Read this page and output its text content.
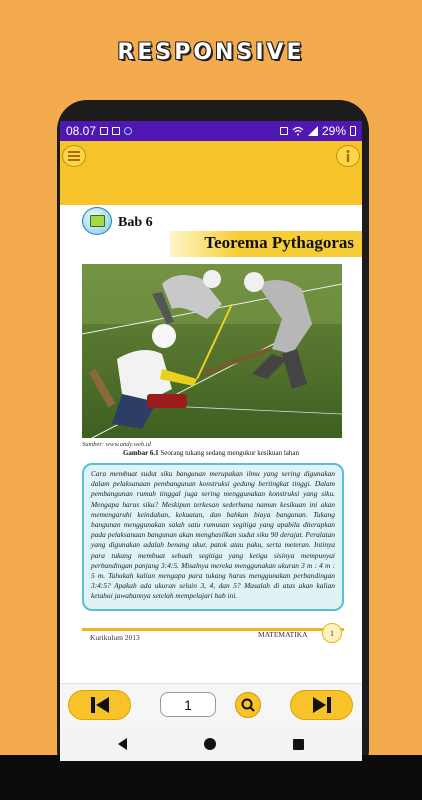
RESPONSIVE
08.07	29%
Bab 6
Teorema Pythagoras
Sumber: www.andy.web.id
Gambar 6.1 Seorang tukang sedang mengukur kesikuan lahan

Cara membuat sudut siku bangunan merupakan ilmu yang sering digunakan dalam pelaksanaan pembangunan konstruksi gedung bertingkat tinggi. Dalam pembangunan rumah tinggal juga sering menggunakan konstruksi yang siku. Mengapa harus siku? Meskipun terkesan sederhana namun kesikuan ini akan memengaruhi keindahan, kekuatan, dan bahkan biaya bangunan. Tukang bangunan menggunakan salah satu rumusan segitiga yang apabila diterapkan pada pelaksanaan bangunan akan menghasilkan sudut siku 90 derajat. Peralatan yang digunakan adalah benang ukur, patok atau paku, serta meteran. Intinya para tukang membuat sebuah segitiga yang ketiga sisinya mempunyai perbandingan panjang 3:4:5. Misalnya mereka menggunakan ukuran 3 m : 4 m : 5 m. Tahukah kalian mengapa para tukang harus menggunakan perbandingan 3:4:5? Apakah ada ukuran selain 3, 4, dan 5? Masalah di atas akan kalian ketahui jawabannya setelah mempelajari bab ini.

Kurikulum 2013	MATEMATIKA	1
1
